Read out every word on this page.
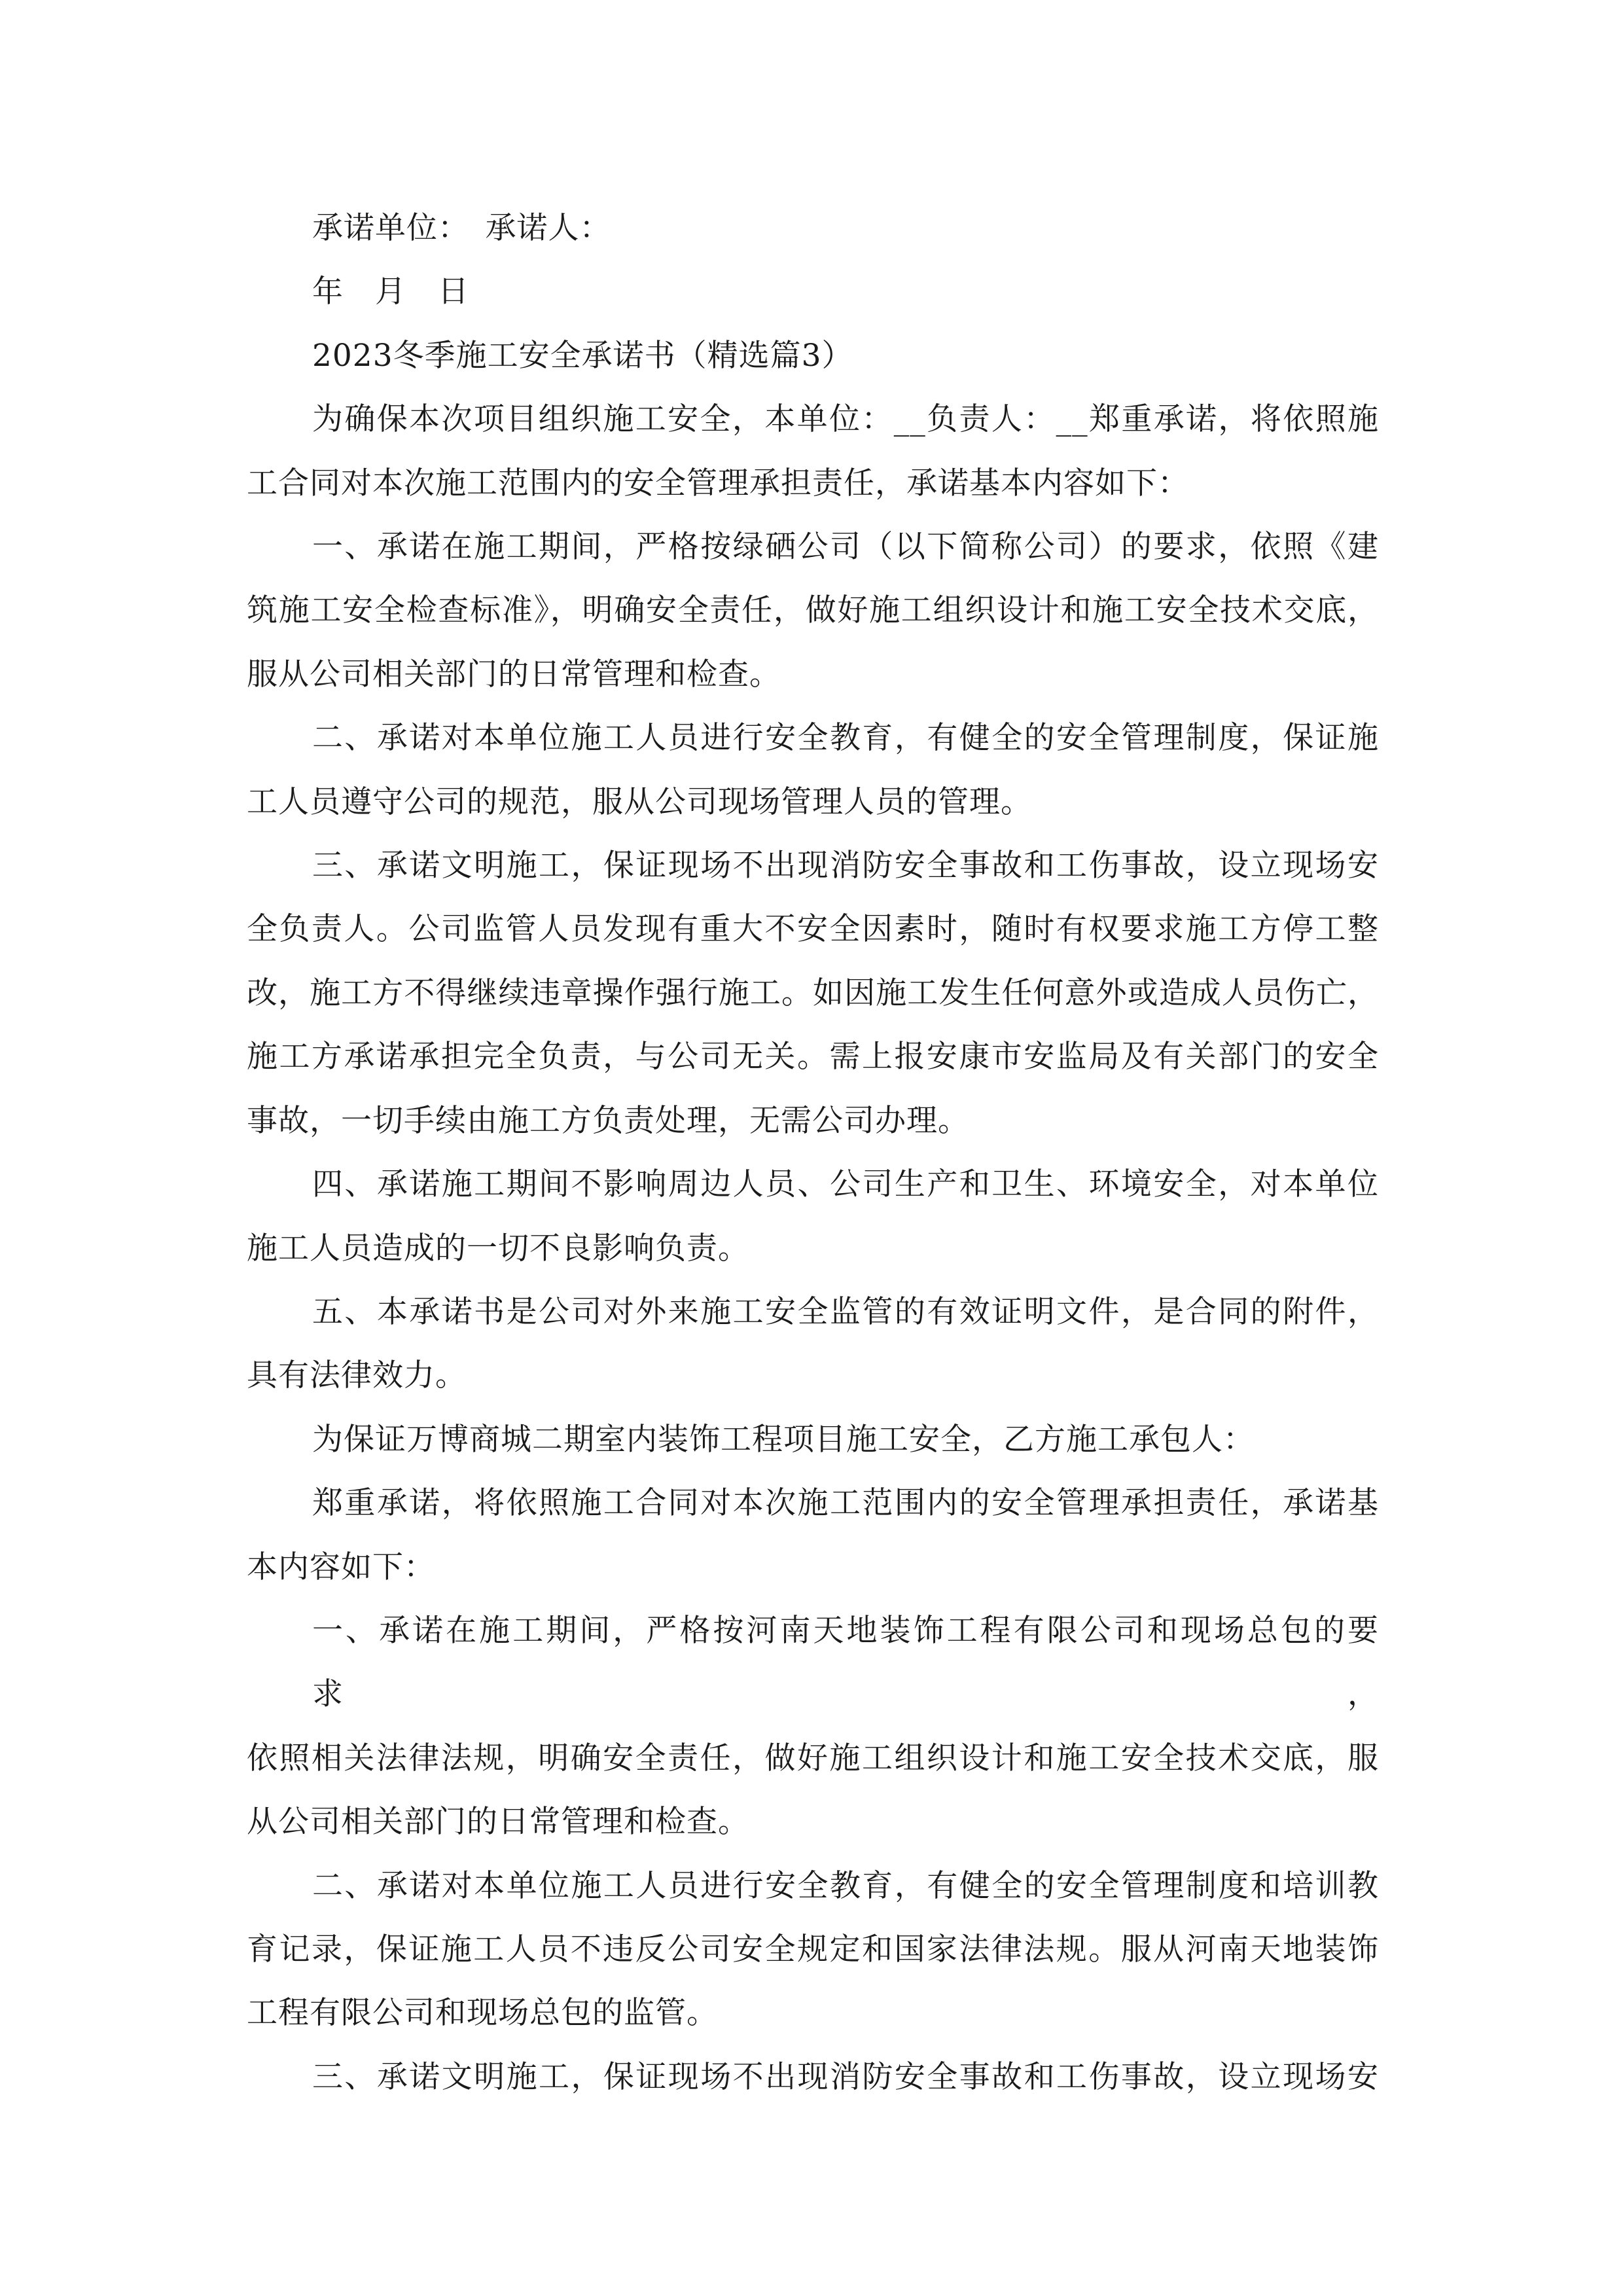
承诺单位：　承诺人：
年　月　日
2023冬季施工安全承诺书（精选篇3）
为确保本次项目组织施工安全，本单位：__负责人：__郑重承诺，将依照施
工合同对本次施工范围内的安全管理承担责任，承诺基本内容如下：
一、承诺在施工期间，严格按绿硒公司（以下简称公司）的要求，依照《建
筑施工安全检查标准》，明确安全责任，做好施工组织设计和施工安全技术交底，
服从公司相关部门的日常管理和检查。
二、承诺对本单位施工人员进行安全教育，有健全的安全管理制度，保证施
工人员遵守公司的规范，服从公司现场管理人员的管理。
三、承诺文明施工，保证现场不出现消防安全事故和工伤事故，设立现场安
全负责人。公司监管人员发现有重大不安全因素时，随时有权要求施工方停工整
改，施工方不得继续违章操作强行施工。如因施工发生任何意外或造成人员伤亡，
施工方承诺承担完全负责，与公司无关。需上报安康市安监局及有关部门的安全
事故，一切手续由施工方负责处理，无需公司办理。
四、承诺施工期间不影响周边人员、公司生产和卫生、环境安全，对本单位
施工人员造成的一切不良影响负责。
五、本承诺书是公司对外来施工安全监管的有效证明文件，是合同的附件，
具有法律效力。
为保证万博商城二期室内装饰工程项目施工安全，乙方施工承包人：
郑重承诺，将依照施工合同对本次施工范围内的安全管理承担责任，承诺基
本内容如下：
一、承诺在施工期间，严格按河南天地装饰工程有限公司和现场总包的要求，
依照相关法律法规，明确安全责任，做好施工组织设计和施工安全技术交底，服
从公司相关部门的日常管理和检查。
二、承诺对本单位施工人员进行安全教育，有健全的安全管理制度和培训教
育记录，保证施工人员不违反公司安全规定和国家法律法规。服从河南天地装饰
工程有限公司和现场总包的监管。
三、承诺文明施工，保证现场不出现消防安全事故和工伤事故，设立现场安
